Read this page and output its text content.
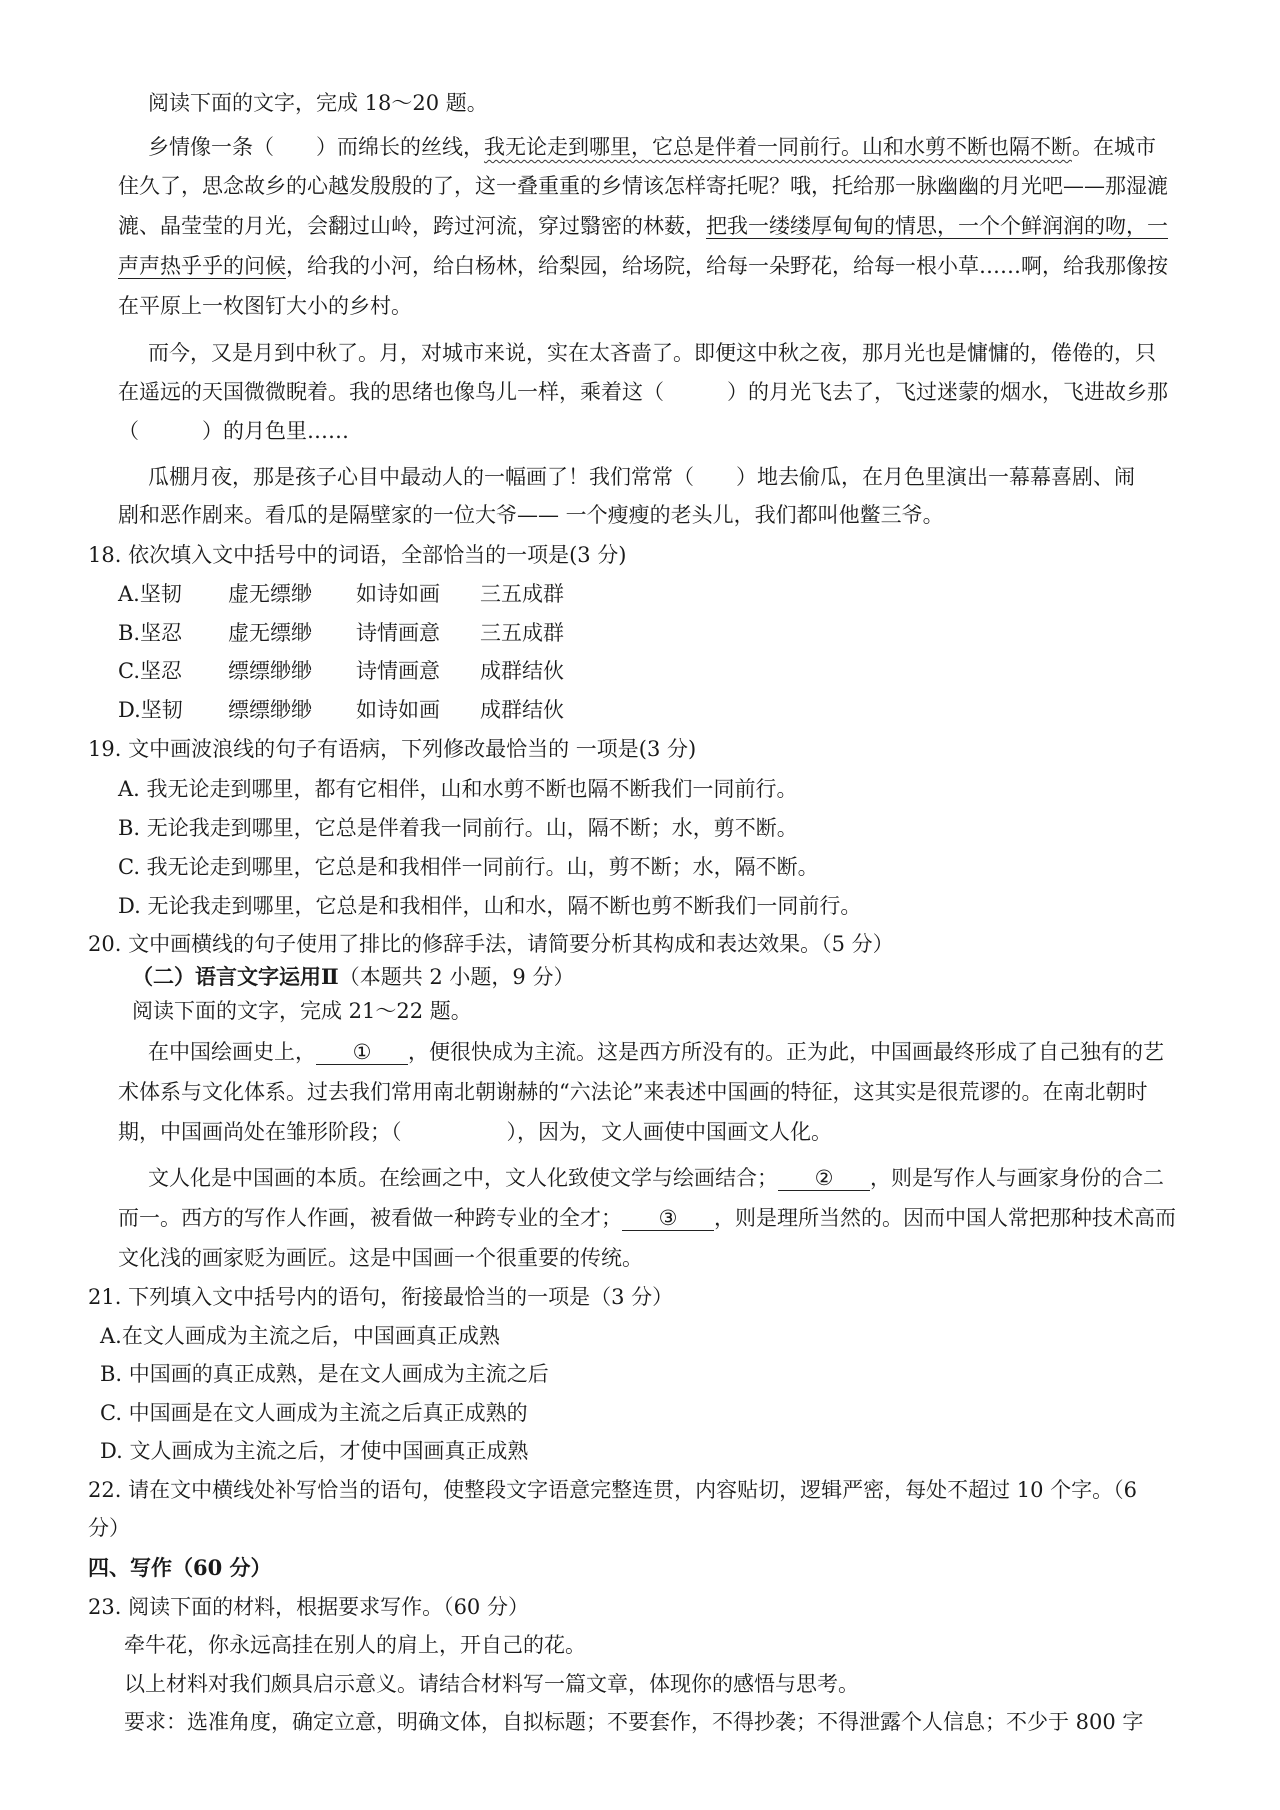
阅读下面的文字，完成 18～20 题。
乡情像一条（　　）而绵长的丝线，我无论走到哪里，它总是伴着一同前行。山和水剪不断也隔不断。在城市
住久了，思念故乡的心越发殷殷的了，这一叠重重的乡情该怎样寄托呢？哦，托给那一脉幽幽的月光吧——那湿漉
漉、晶莹莹的月光，会翻过山岭，跨过河流，穿过翳密的林薮，把我一缕缕厚甸甸的情思，一个个鲜润润的吻，一
声声热乎乎的问候，给我的小河，给白杨林，给梨园，给场院，给每一朵野花，给每一根小草……啊，给我那像按
在平原上一枚图钉大小的乡村。
而今，又是月到中秋了。月，对城市来说，实在太吝啬了。即便这中秋之夜，那月光也是慵慵的，倦倦的，只
在遥远的天国微微睨着。我的思绪也像鸟儿一样，乘着这（　　　）的月光飞去了，飞过迷蒙的烟水，飞进故乡那
（　　　）的月色里……
瓜棚月夜，那是孩子心目中最动人的一幅画了！我们常常（　　）地去偷瓜，在月色里演出一幕幕喜剧、闹
剧和恶作剧来。看瓜的是隔壁家的一位大爷—— 一个瘦瘦的老头儿，我们都叫他鳖三爷。
18. 依次填入文中括号中的词语，全部恰当的一项是(3 分)
A.坚韧 虚无缥缈 如诗如画 三五成群
B.坚忍 虚无缥缈 诗情画意 三五成群
C.坚忍 缥缥缈缈 诗情画意 成群结伙
D.坚韧 缥缥缈缈 如诗如画 成群结伙
19. 文中画波浪线的句子有语病，下列修改最恰当的 一项是(3 分)
A. 我无论走到哪里，都有它相伴，山和水剪不断也隔不断我们一同前行。
B. 无论我走到哪里，它总是伴着我一同前行。山，隔不断；水，剪不断。
C. 我无论走到哪里，它总是和我相伴一同前行。山，剪不断；水，隔不断。
D. 无论我走到哪里，它总是和我相伴，山和水，隔不断也剪不断我们一同前行。
20. 文中画横线的句子使用了排比的修辞手法，请简要分析其构成和表达效果。（5 分）
（二）语言文字运用Ⅱ（本题共 2 小题，9 分）
阅读下面的文字，完成 21～22 题。
在中国绘画史上， ① ，便很快成为主流。这是西方所没有的。正为此，中国画最终形成了自己独有的艺
术体系与文化体系。过去我们常用南北朝谢赫的“六法论”来表述中国画的特征，这其实是很荒谬的。在南北朝时
期，中国画尚处在雏形阶段；（　　　　　），因为，文人画使中国画文人化。
文人化是中国画的本质。在绘画之中，文人化致使文学与绘画结合； ② ，则是写作人与画家身份的合二
而一。西方的写作人作画，被看做一种跨专业的全才； ③ ，则是理所当然的。因而中国人常把那种技术高而
文化浅的画家贬为画匠。这是中国画一个很重要的传统。
21. 下列填入文中括号内的语句，衔接最恰当的一项是（3 分）
A.在文人画成为主流之后，中国画真正成熟
B. 中国画的真正成熟，是在文人画成为主流之后
C. 中国画是在文人画成为主流之后真正成熟的
D. 文人画成为主流之后，才使中国画真正成熟
22. 请在文中横线处补写恰当的语句，使整段文字语意完整连贯，内容贴切，逻辑严密，每处不超过 10 个字。（6
分）
四、写作（60 分）
23. 阅读下面的材料，根据要求写作。（60 分）
牵牛花，你永远高挂在别人的肩上，开自己的花。
以上材料对我们颇具启示意义。请结合材料写一篇文章，体现你的感悟与思考。
要求：选准角度，确定立意，明确文体，自拟标题；不要套作，不得抄袭；不得泄露个人信息；不少于 800 字
